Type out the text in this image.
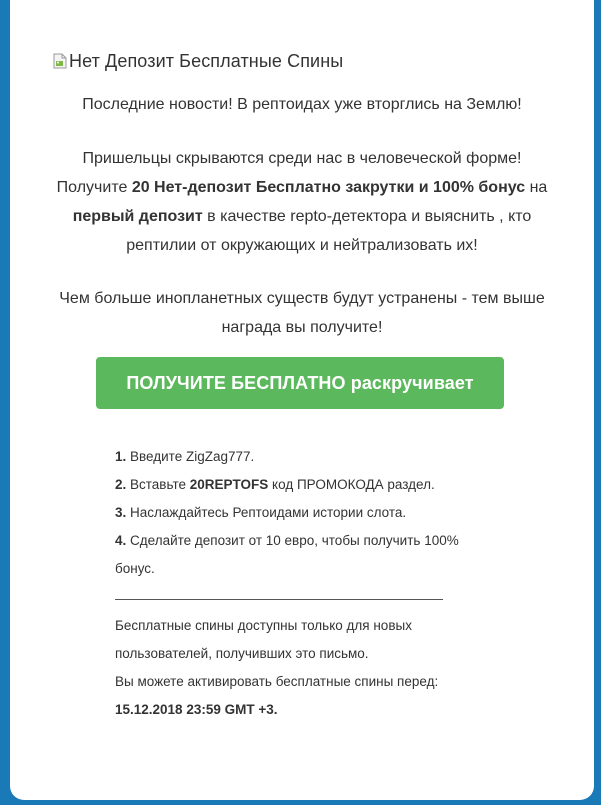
Нет Депозит Бесплатные Спины
Последние новости! В рептоидах уже вторглись на Землю!
Пришельцы скрываются среди нас в человеческой форме!
Получите 20 Нет-депозит Бесплатно закрутки и 100% бонус на
первый депозит в качестве repto-детектора и выяснить , кто
рептилии от окружающих и нейтрализовать их!
Чем больше инопланетных существ будут устранены - тем выше
награда вы получите!
ПОЛУЧИТЕ БЕСПЛАТНО раскручивает
1. Введите ZigZag777.
2. Вставьте 20REPTOFS код ПРОМОКОДА раздел.
3. Наслаждайтесь Рептоидами истории слота.
4. Сделайте депозит от 10 евро, чтобы получить 100%
бонус.
Бесплатные спины доступны только для новых
пользователей, получивших это письмо.
Вы можете активировать бесплатные спины перед:
15.12.2018 23:59 GMT +3.
